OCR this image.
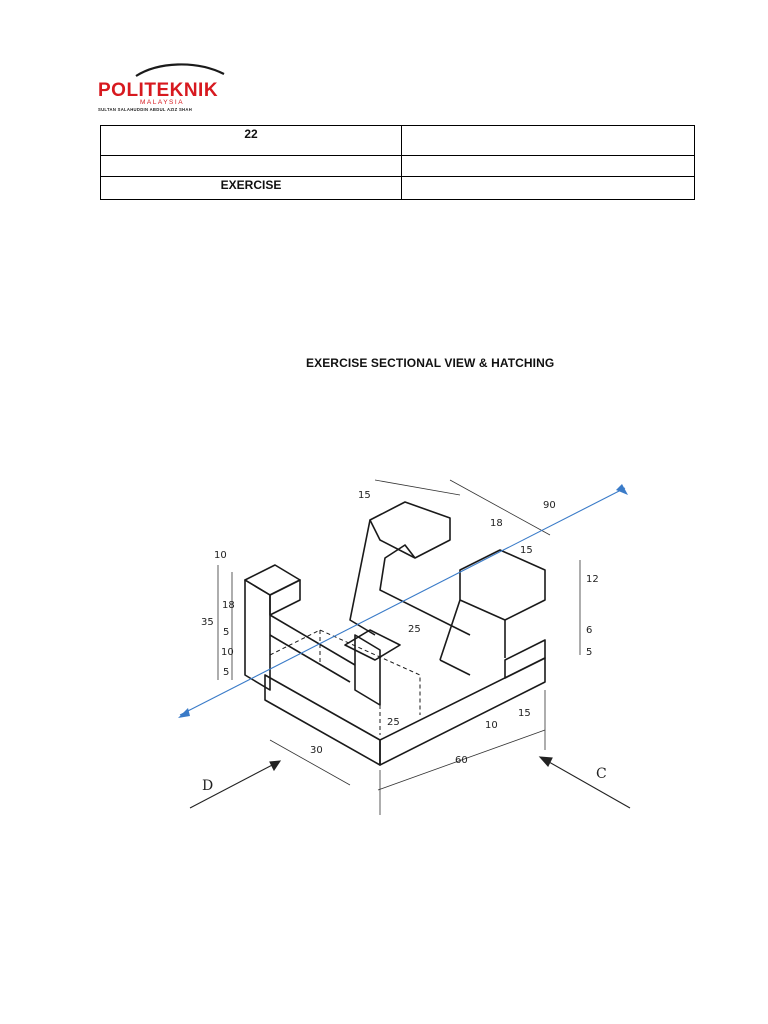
POLITEKNIK
MALAYSIA
SULTAN SALAHUDDIN ABDUL AZIZ SHAH
22	

EXERCISE	
EXERCISE SECTIONAL VIEW & HATCHING
15
18
90
15
10
35
18
5
10
5
25
12
6
5
10
15
25
30
60
D
C
